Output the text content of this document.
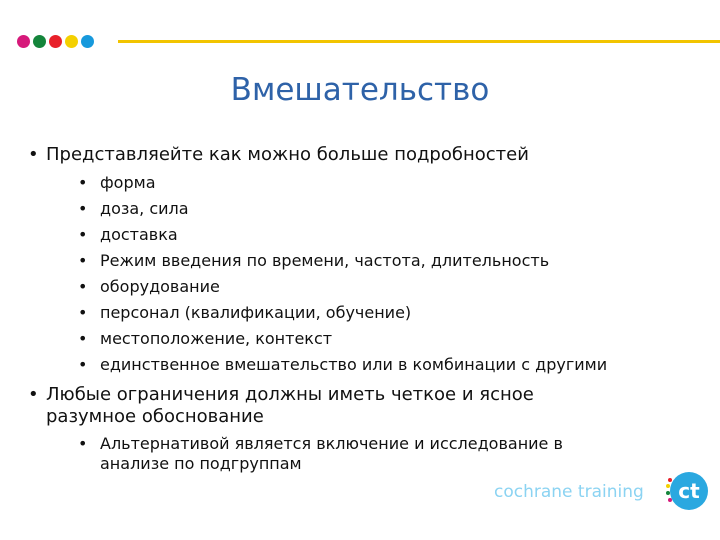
Вмешательство
• Представляейте как можно больше подробностей
• форма
• доза, сила
• доставка
• Режим введения по времени, частота, длительность
• оборудование
• персонал (квалификации, обучение)
• местоположение, контекст
• единственное вмешательство или в комбинации с другими
• Любые ограничения должны иметь четкое и ясное разумное обоснование
• Альтернативой является включение и исследование в анализе по подгруппам
cochrane training ct
